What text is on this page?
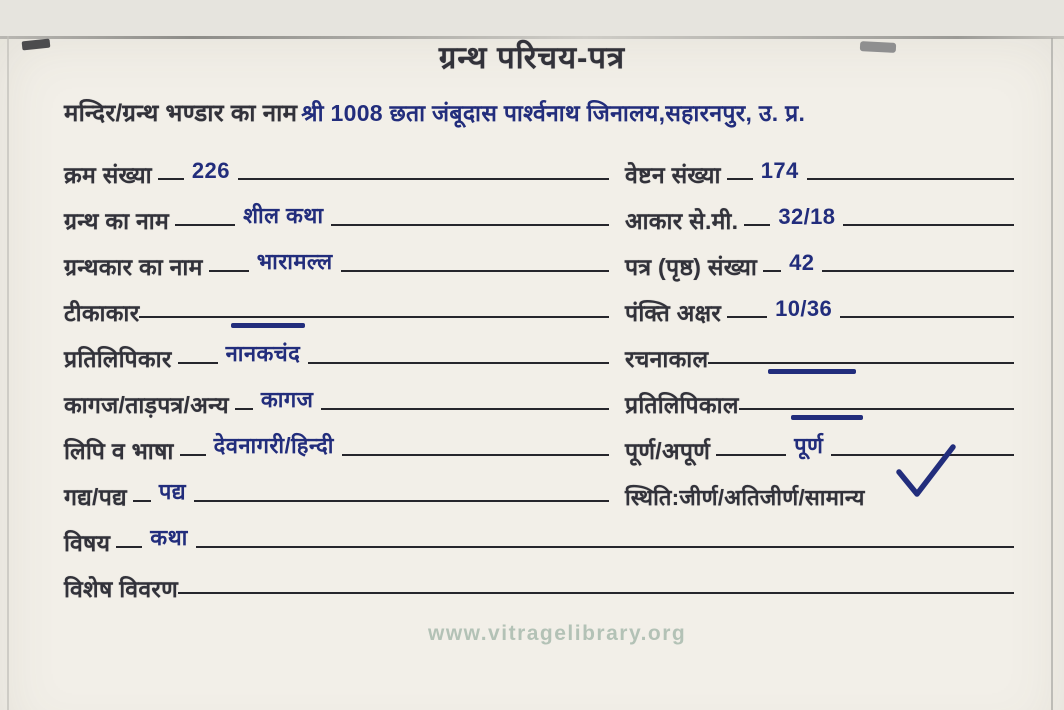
ग्रन्थ परिचय-पत्र
मन्दिर/ग्रन्थ भण्डार का नाम श्री 1008 छता जंबूदास पार्श्वनाथ जिनालय,सहारनपुर, उ. प्र.
क्रम संख्या 226	वेष्टन संख्या 174
ग्रन्थ का नाम	शील कथा	आकार से.मी. 32/18
ग्रन्थकार का नाम भारामल्ल	पत्र (पृष्ठ) संख्या 42
टीकाकार	पंक्ति अक्षर 10/36
प्रतिलिपिकार नानकचंद	रचनाकाल
कागज/ताड़पत्र/अन्य कागज	प्रतिलिपिकाल
लिपि व भाषा देवनागरी/हिन्दी	पूर्ण/अपूर्ण	पूर्ण
गद्य/पद्य पद्य	स्थिति:जीर्ण/अतिजीर्ण/सामान्य
विषय कथा
विशेष विवरण
www.vitragelibrary.org
